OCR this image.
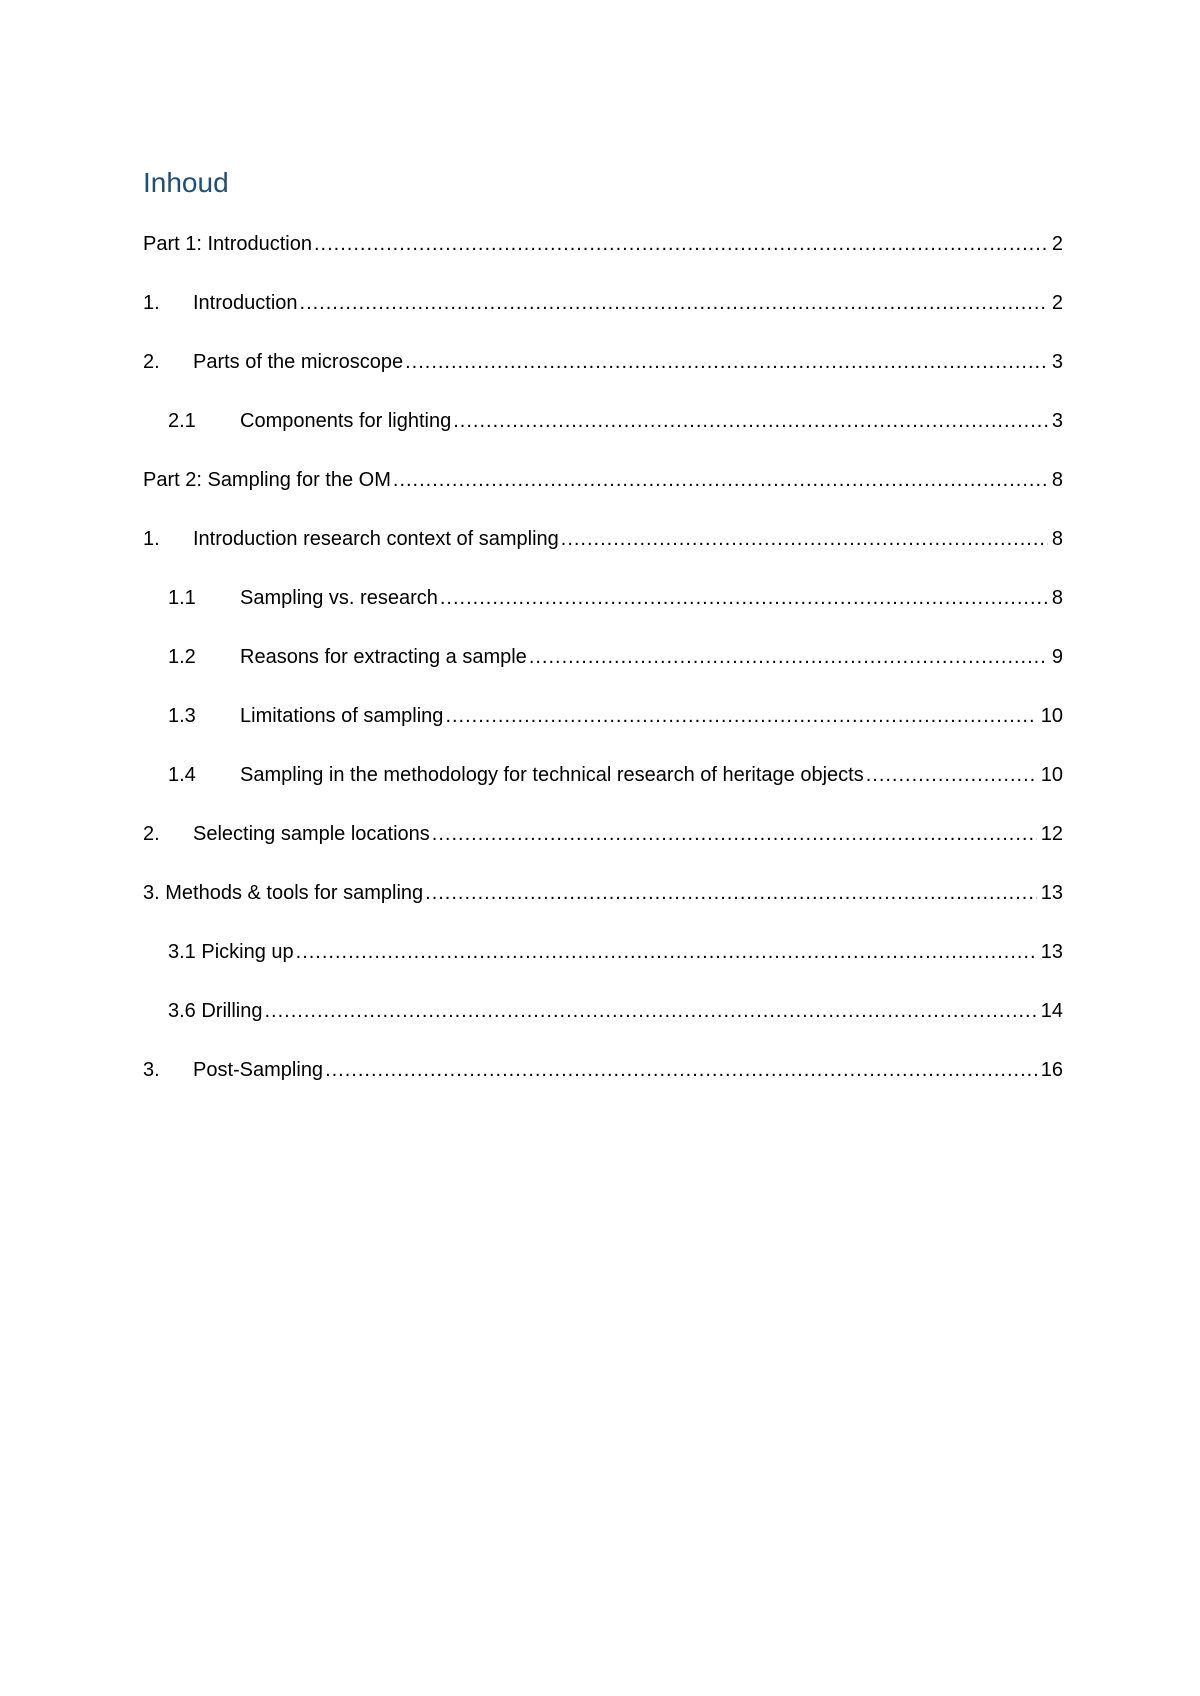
Inhoud
Part 1: Introduction .....	2
1.	Introduction .....	2
2.	Parts of the microscope .....	3
2.1	Components for lighting .....	3
Part 2: Sampling for the OM .....	8
1.	Introduction research context of sampling .....	8
1.1	Sampling vs. research .....	8
1.2	Reasons for extracting a sample .....	9
1.3	Limitations of sampling .....	10
1.4	Sampling in the methodology for technical research of heritage objects .....	10
2.	Selecting sample locations .....	12
3. Methods & tools for sampling .....	13
3.1 Picking up .....	13
3.6 Drilling .....	14
3.	Post-Sampling .....	16
